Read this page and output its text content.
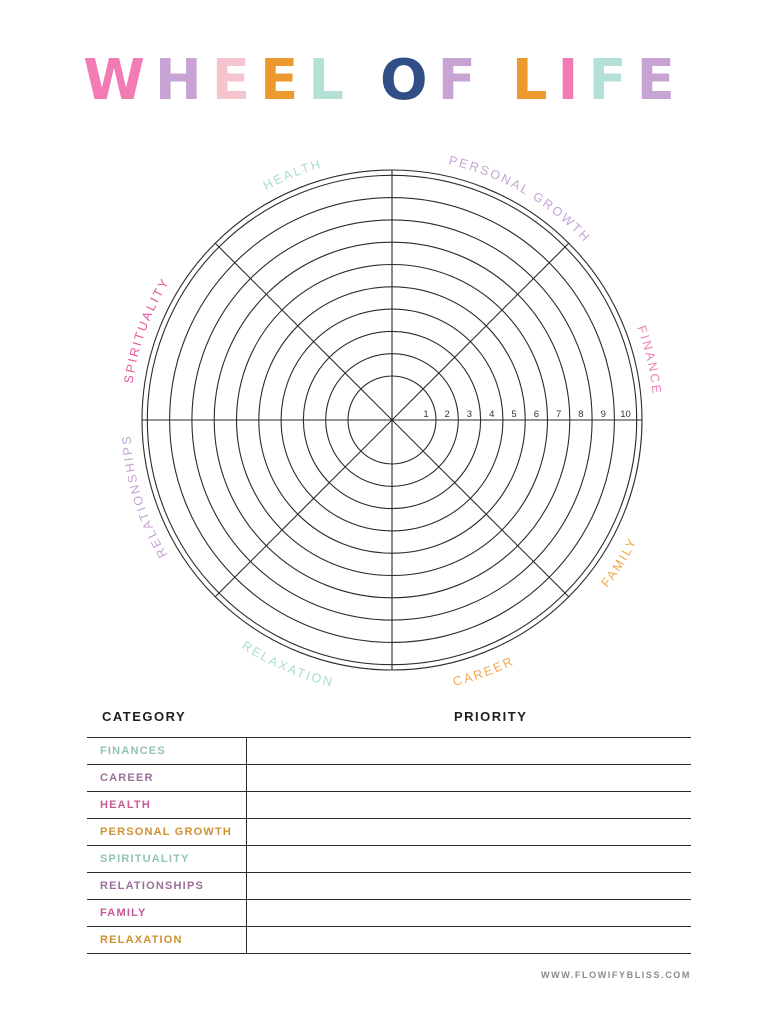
WHEEL OF LIFE
1 2 3 4 5 6 7 8 9 10
HEALTH	PERSONAL GROWTH
FINANCE
FAMILY
CAREER
RELAXATION
RELATIONSHIPS
SPIRITUALITY
CATEGORY	PRIORITY
FINANCES
CAREER
HEALTH
PERSONAL GROWTH
SPIRITUALITY
RELATIONSHIPS
FAMILY
RELAXATION
WWW.FLOWIFYBLISS.COM
